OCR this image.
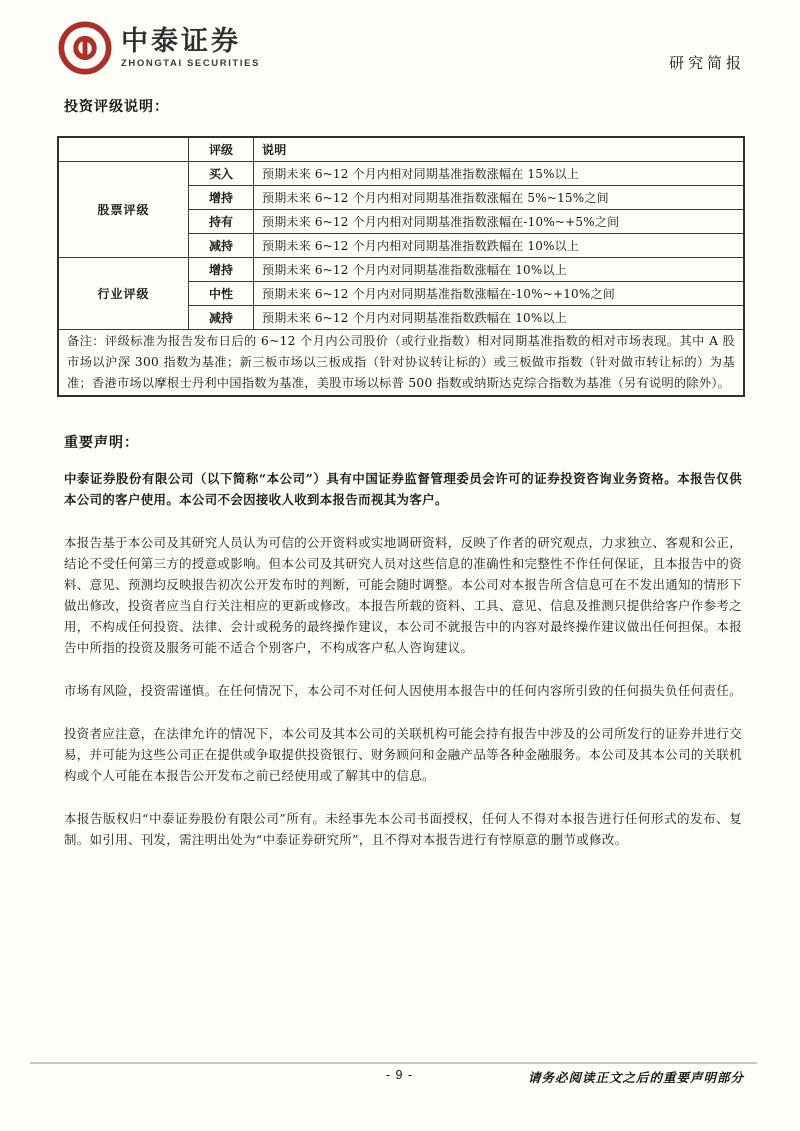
中泰证券
ZHONGTAI SECURITIES	研究简报
投资评级说明：
	评级	说明
股票评级	买入	预期未来 6~12 个月内相对同期基准指数涨幅在 15%以上
	增持	预期未来 6~12 个月内相对同期基准指数涨幅在 5%~15%之间
	持有	预期未来 6~12 个月内相对同期基准指数涨幅在-10%~+5%之间
	减持	预期未来 6~12 个月内相对同期基准指数跌幅在 10%以上
行业评级	增持	预期未来 6~12 个月内对同期基准指数涨幅在 10%以上
	中性	预期未来 6~12 个月内对同期基准指数涨幅在-10%~+10%之间
	减持	预期未来 6~12 个月内对同期基准指数跌幅在 10%以上
备注：评级标准为报告发布日后的 6~12 个月内公司股价（或行业指数）相对同期基准指数的相对市场表现。其中 A 股市场以沪深 300 指数为基准；新三板市场以三板成指（针对协议转让标的）或三板做市指数（针对做市转让标的）为基准；香港市场以摩根士丹利中国指数为基准，美股市场以标普 500 指数或纳斯达克综合指数为基准（另有说明的除外）。		
重要声明：

中泰证券股份有限公司（以下简称“本公司”）具有中国证券监督管理委员会许可的证券投资咨询业务资格。本报告仅供本公司的客户使用。本公司不会因接收人收到本报告而视其为客户。

本报告基于本公司及其研究人员认为可信的公开资料或实地调研资料，反映了作者的研究观点，力求独立、客观和公正，结论不受任何第三方的授意或影响。但本公司及其研究人员对这些信息的准确性和完整性不作任何保证，且本报告中的资料、意见、预测均反映报告初次公开发布时的判断，可能会随时调整。本公司对本报告所含信息可在不发出通知的情形下做出修改，投资者应当自行关注相应的更新或修改。本报告所载的资料、工具、意见、信息及推测只提供给客户作参考之用，不构成任何投资、法律、会计或税务的最终操作建议，本公司不就报告中的内容对最终操作建议做出任何担保。本报告中所指的投资及服务可能不适合个别客户，不构成客户私人咨询建议。

市场有风险，投资需谨慎。在任何情况下，本公司不对任何人因使用本报告中的任何内容所引致的任何损失负任何责任。

投资者应注意，在法律允许的情况下，本公司及其本公司的关联机构可能会持有报告中涉及的公司所发行的证券并进行交易，并可能为这些公司正在提供或争取提供投资银行、财务顾问和金融产品等各种金融服务。本公司及其本公司的关联机构或个人可能在本报告公开发布之前已经使用或了解其中的信息。

本报告版权归“中泰证券股份有限公司”所有。未经事先本公司书面授权，任何人不得对本报告进行任何形式的发布、复制。如引用、刊发，需注明出处为“中泰证券研究所”，且不得对本报告进行有悖原意的删节或修改。

- 9 -	请务必阅读正文之后的重要声明部分
